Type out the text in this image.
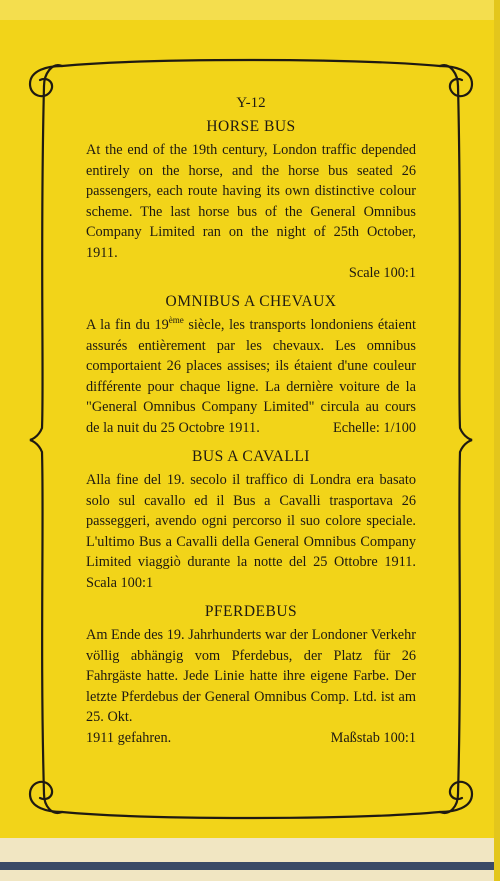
Y-12
HORSE BUS
At the end of the 19th century, London traffic depended entirely on the horse, and the horse bus seated 26 passengers, each route having its own distinctive colour scheme. The last horse bus of the General Omnibus Company Limited ran on the night of 25th October, 1911.
Scale 100:1
OMNIBUS A CHEVAUX
A la fin du 19ème siècle, les transports londoniens étaient assurés entièrement par les chevaux. Les omnibus comportaient 26 places assises; ils étaient d'une couleur différente pour chaque ligne. La dernière voiture de la "General Omnibus Company Limited" circula au cours de la nuit du 25 Octobre 1911.	Echelle: 1/100
BUS A CAVALLI
Alla fine del 19. secolo il traffico di Londra era basato solo sul cavallo ed il Bus a Cavalli trasportava 26 passeggeri, avendo ogni percorso il suo colore speciale. L'ultimo Bus a Cavalli della General Omnibus Company Limited viaggiò durante la notte del 25 Ottobre 1911. Scala 100:1
PFERDEBUS
Am Ende des 19. Jahrhunderts war der Londoner Verkehr völlig abhängig vom Pferdebus, der Platz für 26 Fahrgäste hatte. Jede Linie hatte ihre eigene Farbe. Der letzte Pferdebus der General Omnibus Comp. Ltd. ist am 25. Okt.
1911 gefahren.	Maßstab 100:1
